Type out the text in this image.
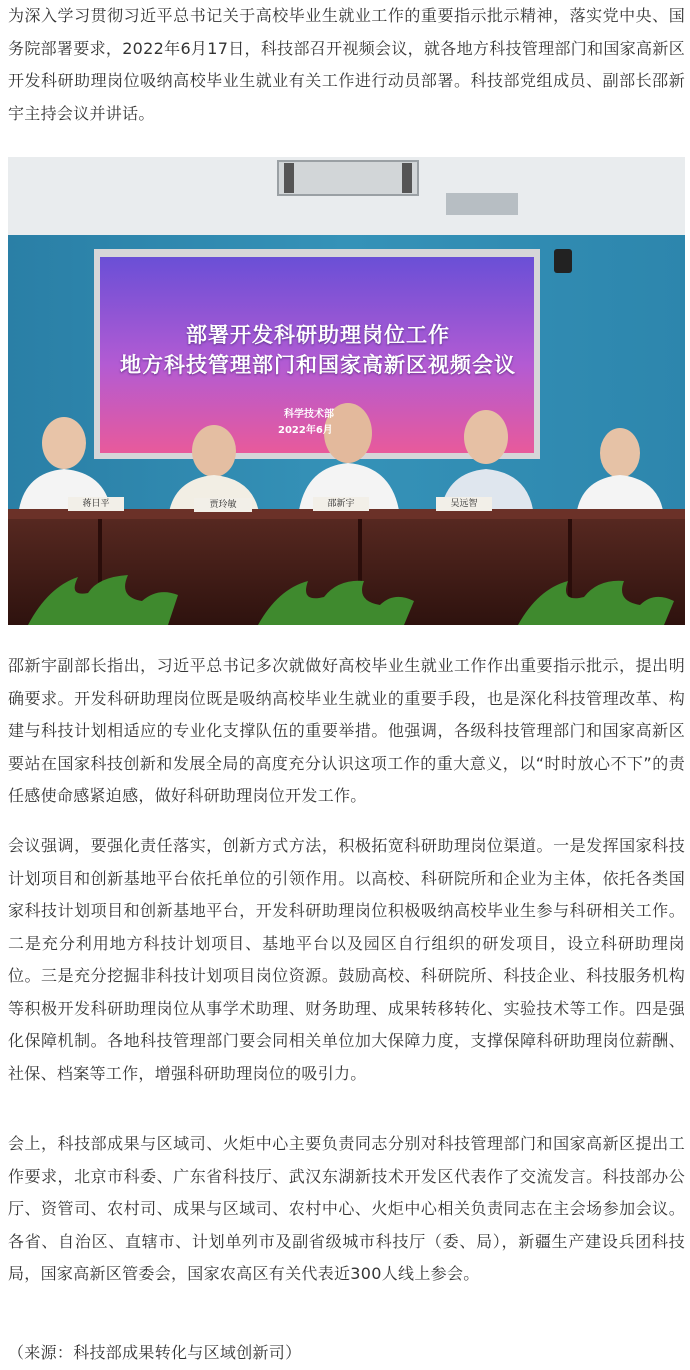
为深入学习贯彻习近平总书记关于高校毕业生就业工作的重要指示批示精神，落实党中央、国务院部署要求，2022年6月17日，科技部召开视频会议，就各地方科技管理部门和国家高新区开发科研助理岗位吸纳高校毕业生就业有关工作进行动员部署。科技部党组成员、副部长邵新宇主持会议并讲话。

部署开发科研助理岗位工作

地方科技管理部门和国家高新区视频会议

科学技术部

2022年6月

蒋日平	贾玲敏	邵新宇	吴远智

邵新宇副部长指出，习近平总书记多次就做好高校毕业生就业工作作出重要指示批示，提出明确要求。开发科研助理岗位既是吸纳高校毕业生就业的重要手段，也是深化科技管理改革、构建与科技计划相适应的专业化支撑队伍的重要举措。他强调，各级科技管理部门和国家高新区要站在国家科技创新和发展全局的高度充分认识这项工作的重大意义，以“时时放心不下”的责任感使命感紧迫感，做好科研助理岗位开发工作。

会议强调，要强化责任落实，创新方式方法，积极拓宽科研助理岗位渠道。一是发挥国家科技计划项目和创新基地平台依托单位的引领作用。以高校、科研院所和企业为主体，依托各类国家科技计划项目和创新基地平台，开发科研助理岗位积极吸纳高校毕业生参与科研相关工作。二是充分利用地方科技计划项目、基地平台以及园区自行组织的研发项目，设立科研助理岗位。三是充分挖掘非科技计划项目岗位资源。鼓励高校、科研院所、科技企业、科技服务机构等积极开发科研助理岗位从事学术助理、财务助理、成果转移转化、实验技术等工作。四是强化保障机制。各地科技管理部门要会同相关单位加大保障力度，支撑保障科研助理岗位薪酬、社保、档案等工作，增强科研助理岗位的吸引力。

会上，科技部成果与区域司、火炬中心主要负责同志分别对科技管理部门和国家高新区提出工作要求，北京市科委、广东省科技厅、武汉东湖新技术开发区代表作了交流发言。科技部办公厅、资管司、农村司、成果与区域司、农村中心、火炬中心相关负责同志在主会场参加会议。各省、自治区、直辖市、计划单列市及副省级城市科技厅（委、局），新疆生产建设兵团科技局，国家高新区管委会，国家农高区有关代表近300人线上参会。

（来源：科技部成果转化与区域创新司）
